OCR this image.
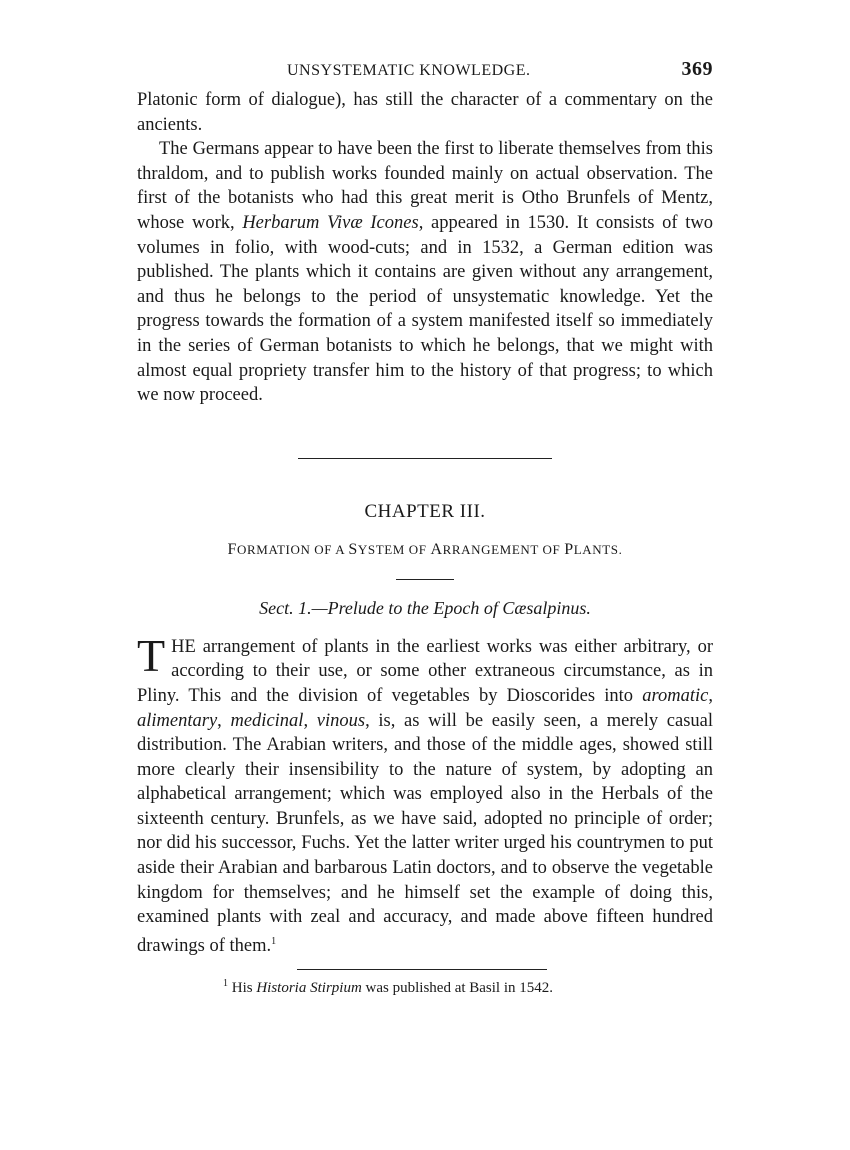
UNSYSTEMATIC KNOWLEDGE.	369

Platonic form of dialogue), has still the character of a commentary on the ancients.

The Germans appear to have been the first to liberate themselves from this thraldom, and to publish works founded mainly on actual observation. The first of the botanists who had this great merit is Otho Brunfels of Mentz, whose work, Herbarum Vivæ Icones, appeared in 1530. It consists of two volumes in folio, with wood-cuts; and in 1532, a German edition was published. The plants which it contains are given without any arrangement, and thus he belongs to the period of unsystematic knowledge. Yet the progress towards the formation of a system manifested itself so immediately in the series of German botanists to which he belongs, that we might with almost equal propriety transfer him to the history of that progress; to which we now proceed.

CHAPTER III.
FORMATION OF A SYSTEM OF ARRANGEMENT OF PLANTS.
Sect. 1.—Prelude to the Epoch of Cæsalpinus.

THE arrangement of plants in the earliest works was either arbitrary, or according to their use, or some other extraneous circumstance, as in Pliny. This and the division of vegetables by Dioscorides into aromatic, alimentary, medicinal, vinous, is, as will be easily seen, a merely casual distribution. The Arabian writers, and those of the middle ages, showed still more clearly their insensibility to the nature of system, by adopting an alphabetical arrangement; which was employed also in the Herbals of the sixteenth century. Brunfels, as we have said, adopted no principle of order; nor did his successor, Fuchs. Yet the latter writer urged his countrymen to put aside their Arabian and barbarous Latin doctors, and to observe the vegetable kingdom for themselves; and he himself set the example of doing this, examined plants with zeal and accuracy, and made above fifteen hundred drawings of them.$^1$

$^1$ His Historia Stirpium was published at Basil in 1542.
